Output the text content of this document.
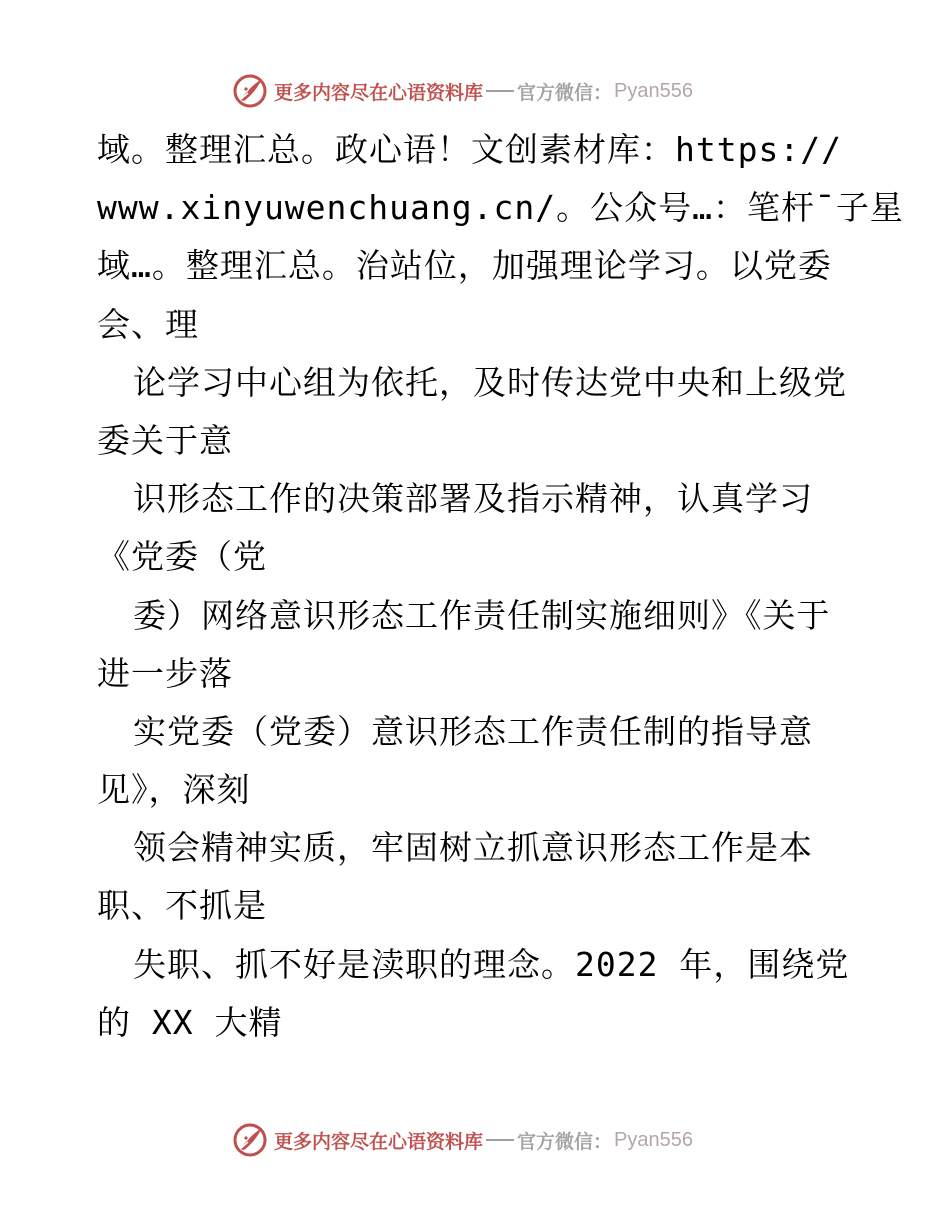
更多内容尽在心语资料库 官方微信： Pyan556
域。整理汇总。政心语！文创素材库：https://
www.xinyuwenchuang.cn/。公众号…：笔杆¯子星
域…。整理汇总。治站位，加强理论学习。以党委
会、理
论学习中心组为依托，及时传达党中央和上级党
委关于意
识形态工作的决策部署及指示精神，认真学习
《党委（党
委）网络意识形态工作责任制实施细则》《关于
进一步落
实党委（党委）意识形态工作责任制的指导意
见》，深刻
领会精神实质，牢固树立抓意识形态工作是本
职、不抓是
失职、抓不好是渎职的理念。2022 年，围绕党
的 XX 大精
更多内容尽在心语资料库 官方微信： Pyan556
